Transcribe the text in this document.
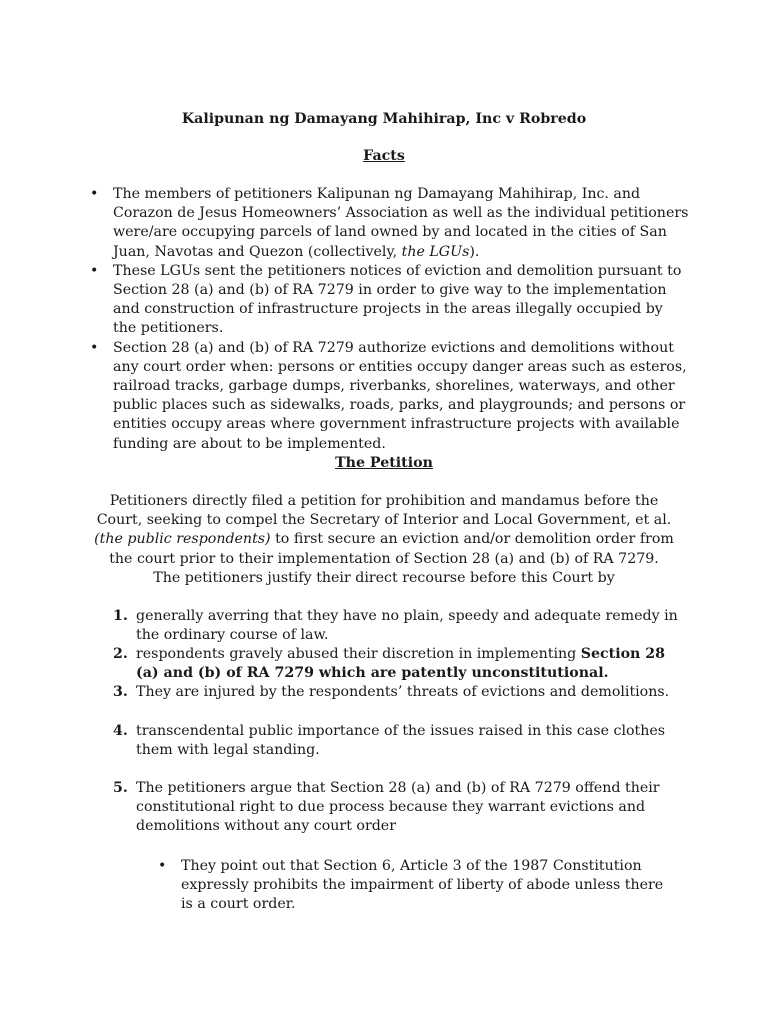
Kalipunan ng Damayang Mahihirap, Inc v Robredo
Facts
• The members of petitioners Kalipunan ng Damayang Mahihirap, Inc. and Corazon de Jesus Homeowners’ Association as well as the individual petitioners were/are occupying parcels of land owned by and located in the cities of San Juan, Navotas and Quezon (collectively, the LGUs).
• These LGUs sent the petitioners notices of eviction and demolition pursuant to Section 28 (a) and (b) of RA 7279 in order to give way to the implementation and construction of infrastructure projects in the areas illegally occupied by the petitioners.
• Section 28 (a) and (b) of RA 7279 authorize evictions and demolitions without any court order when: persons or entities occupy danger areas such as esteros, railroad tracks, garbage dumps, riverbanks, shorelines, waterways, and other public places such as sidewalks, roads, parks, and playgrounds; and persons or entities occupy areas where government infrastructure projects with available funding are about to be implemented.
The Petition

Petitioners directly filed a petition for prohibition and mandamus before the Court, seeking to compel the Secretary of Interior and Local Government, et al. (the public respondents) to first secure an eviction and/or demolition order from the court prior to their implementation of Section 28 (a) and (b) of RA 7279.

The petitioners justify their direct recourse before this Court by

1. generally averring that they have no plain, speedy and adequate remedy in the ordinary course of law.
2. respondents gravely abused their discretion in implementing Section 28 (a) and (b) of RA 7279 which are patently unconstitutional.
3. They are injured by the respondents’ threats of evictions and demolitions.
4. transcendental public importance of the issues raised in this case clothes them with legal standing.
5. The petitioners argue that Section 28 (a) and (b) of RA 7279 offend their constitutional right to due process because they warrant evictions and demolitions without any court order
•	They point out that Section 6, Article 3 of the 1987 Constitution expressly prohibits the impairment of liberty of abode unless there is a court order.
